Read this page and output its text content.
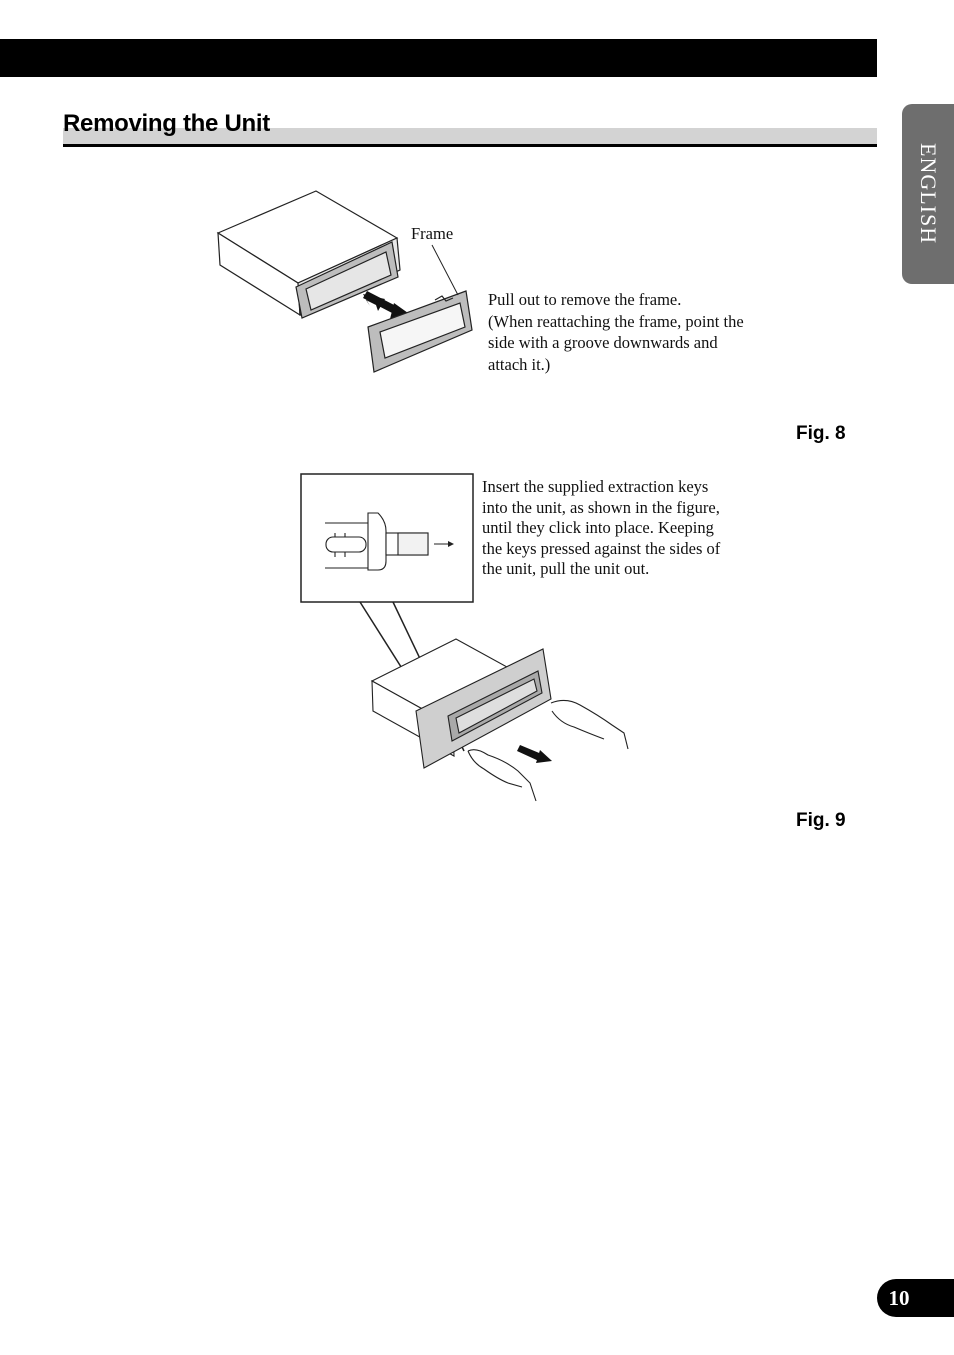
Removing the Unit
ENGLISH
Frame
Pull out to remove the frame.
(When reattaching the frame, point the
side with a groove downwards and
attach it.)
Fig. 8
Insert the supplied extraction keys
into the unit, as shown in the figure,
until they click into place. Keeping
the keys pressed against the sides of
the unit, pull the unit out.
Fig. 9
10
